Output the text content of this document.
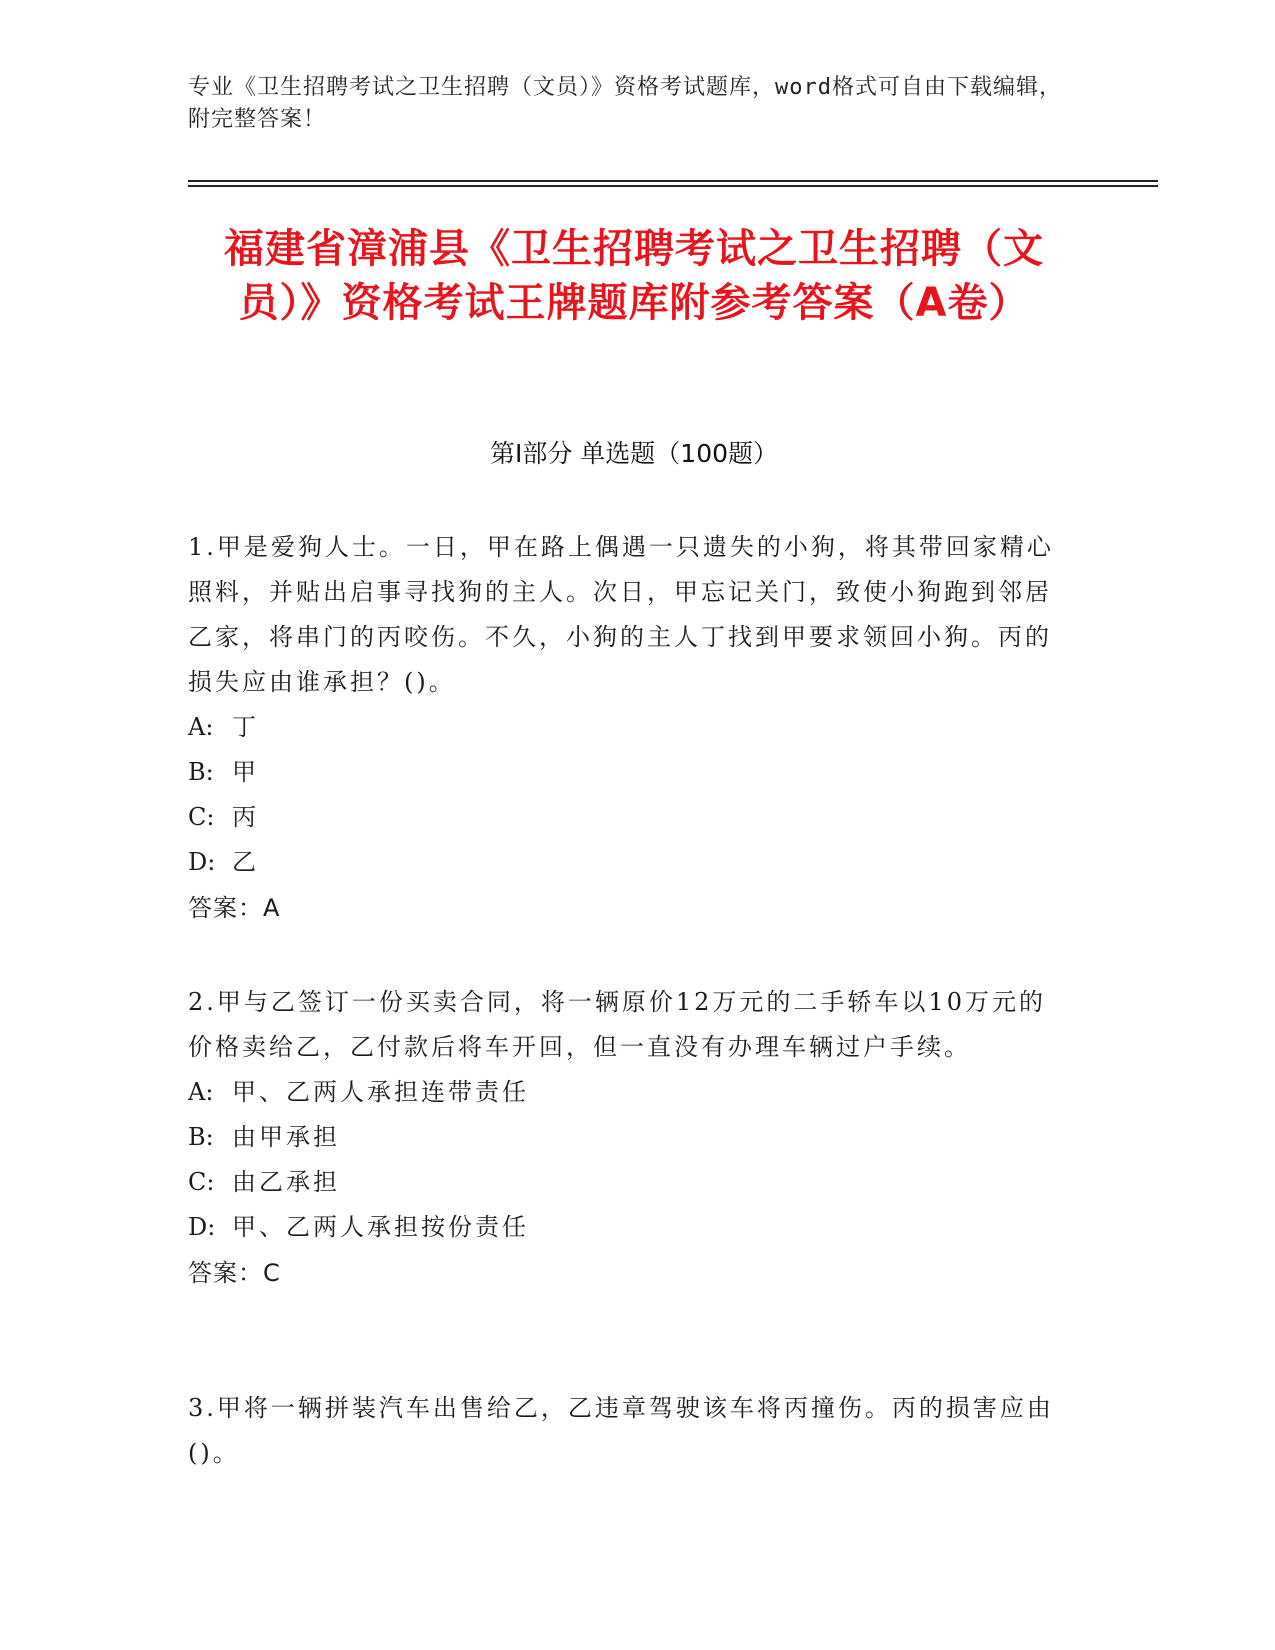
专业《卫生招聘考试之卫生招聘（文员）》资格考试题库，word格式可自由下载编辑，附完整答案！
福建省漳浦县《卫生招聘考试之卫生招聘（文员）》资格考试王牌题库附参考答案（A卷）
第I部分 单选题（100题）

1.甲是爱狗人士。一日，甲在路上偶遇一只遗失的小狗，将其带回家精心照料，并贴出启事寻找狗的主人。次日，甲忘记关门，致使小狗跑到邻居乙家，将串门的丙咬伤。不久，小狗的主人丁找到甲要求领回小狗。丙的损失应由谁承担？()。

A: 丁

B: 甲

C: 丙

D: 乙

答案：A

2.甲与乙签订一份买卖合同，将一辆原价12万元的二手轿车以10万元的价格卖给乙，乙付款后将车开回，但一直没有办理车辆过户手续。

A: 甲、乙两人承担连带责任

B: 由甲承担

C: 由乙承担

D: 甲、乙两人承担按份责任

答案：C

3.甲将一辆拼装汽车出售给乙，乙违章驾驶该车将丙撞伤。丙的损害应由()。
